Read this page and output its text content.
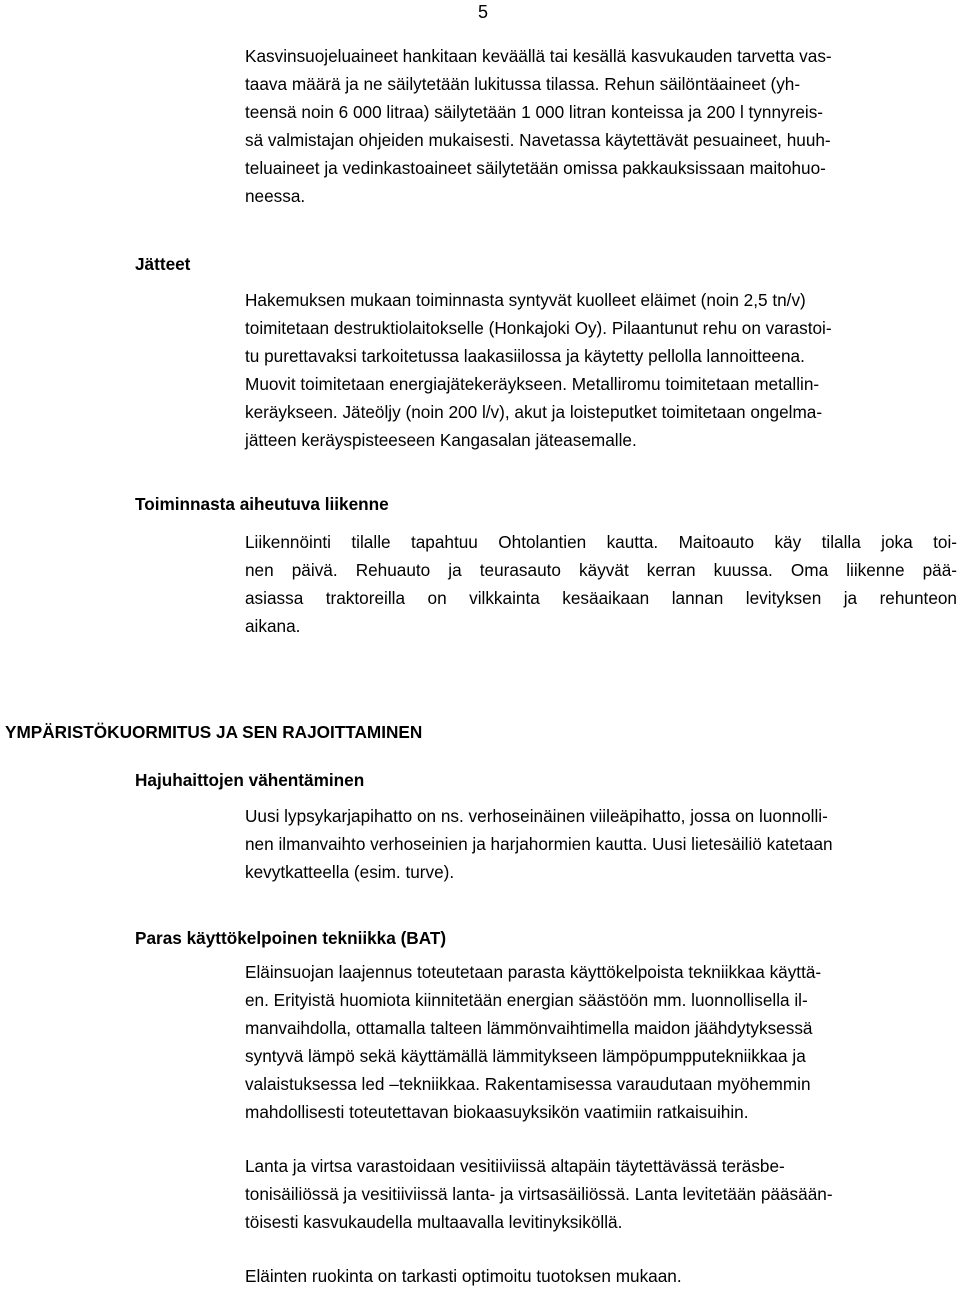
5

Kasvinsuojeluaineet hankitaan keväällä tai kesällä kasvukauden tarvetta vas-
taava määrä ja ne säilytetään lukitussa tilassa. Rehun säilöntäaineet (yh-
teensä noin 6 000 litraa) säilytetään 1 000 litran konteissa ja 200 l tynnyreis-
sä valmistajan ohjeiden mukaisesti. Navetassa käytettävät pesuaineet, huuh-
teluaineet ja vedinkastoaineet säilytetään omissa pakkauksissaan maitohuo-
neessa.

Jätteet

Hakemuksen mukaan toiminnasta syntyvät kuolleet eläimet (noin 2,5 tn/v)
toimitetaan destruktiolaitokselle (Honkajoki Oy). Pilaantunut rehu on varastoi-
tu purettavaksi tarkoitetussa laakasiilossa ja käytetty pellolla lannoitteena.
Muovit toimitetaan energiajätekeräykseen. Metalliromu toimitetaan metallin-
keräykseen. Jäteöljy (noin 200 l/v), akut ja loisteputket toimitetaan ongelma-
jätteen keräyspisteeseen Kangasalan jäteasemalle.

Toiminnasta aiheutuva liikenne

Liikennöinti tilalle tapahtuu Ohtolantien kautta. Maitoauto käy tilalla joka toi-
nen päivä. Rehuauto ja teurasauto käyvät kerran kuussa. Oma liikenne pää-
asiassa traktoreilla on vilkkainta kesäaikaan lannan levityksen ja rehunteon
aikana.

YMPÄRISTÖKUORMITUS JA SEN RAJOITTAMINEN
Hajuhaittojen vähentäminen

Uusi lypsykarjapihatto on ns. verhoseinäinen viileäpihatto, jossa on luonnolli-
nen ilmanvaihto verhoseinien ja harjahormien kautta. Uusi lietesäiliö katetaan
kevytkatteella (esim. turve).

Paras käyttökelpoinen tekniikka (BAT)

Eläinsuojan laajennus toteutetaan parasta käyttökelpoista tekniikkaa käyttä-
en. Erityistä huomiota kiinnitetään energian säästöön mm. luonnollisella il-
manvaihdolla, ottamalla talteen lämmönvaihtimella maidon jäähdytyksessä
syntyvä lämpö sekä käyttämällä lämmitykseen lämpöpumpputekniikkaa ja
valaistuksessa led –tekniikkaa. Rakentamisessa varaudutaan myöhemmin
mahdollisesti toteutettavan biokaasuyksikön vaatimiin ratkaisuihin.

Lanta ja virtsa varastoidaan vesitiiviissä altapäin täytettävässä teräsbe-
tonisäiliössä ja vesitiiviissä lanta- ja virtsasäiliössä. Lanta levitetään pääsään-
töisesti kasvukaudella multaavalla levitinyksiköllä.

Eläinten ruokinta on tarkasti optimoitu tuotoksen mukaan.
